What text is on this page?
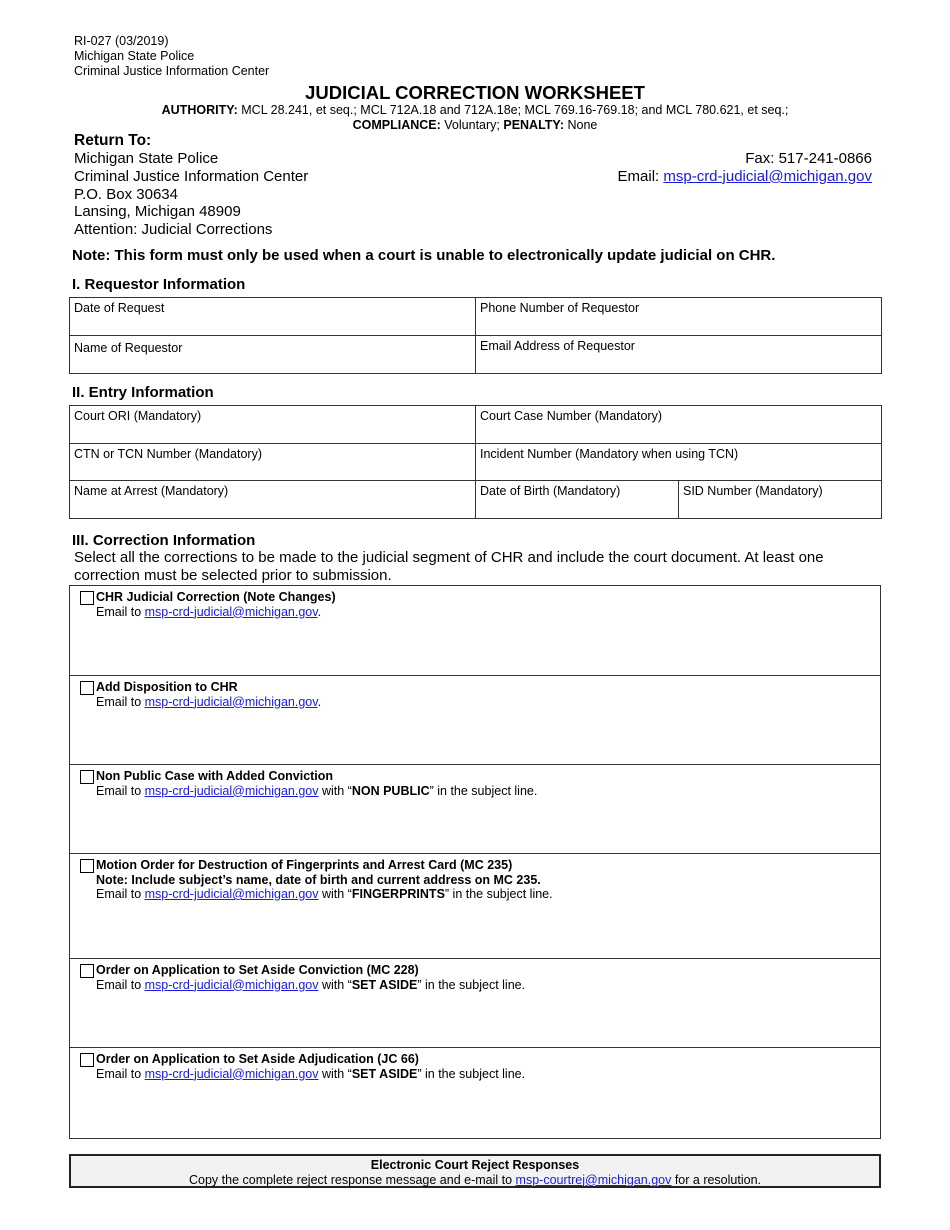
RI-027 (03/2019)
Michigan State Police
Criminal Justice Information Center
JUDICIAL CORRECTION WORKSHEET
AUTHORITY: MCL 28.241, et seq.; MCL 712A.18 and 712A.18e; MCL 769.16-769.18; and MCL 780.621, et seq.;
COMPLIANCE: Voluntary; PENALTY: None
Return To:
Michigan State Police
Criminal Justice Information Center
P.O. Box 30634
Lansing, Michigan 48909
Attention: Judicial Corrections
Fax: 517-241-0866
Email: msp-crd-judicial@michigan.gov
Note: This form must only be used when a court is unable to electronically update judicial on CHR.
I. Requestor Information
Date of Request	Phone Number of Requestor
Name of Requestor	Email Address of Requestor
II. Entry Information
Court ORI (Mandatory)	Court Case Number (Mandatory)	
CTN or TCN Number (Mandatory)	Incident Number (Mandatory when using TCN)	
Name at Arrest (Mandatory)	Date of Birth (Mandatory)	SID Number (Mandatory)
III. Correction Information
Select all the corrections to be made to the judicial segment of CHR and include the court document. At least one correction must be selected prior to submission.
CHR Judicial Correction (Note Changes)
Email to msp-crd-judicial@michigan.gov.
Add Disposition to CHR
Email to msp-crd-judicial@michigan.gov.
Non Public Case with Added Conviction
Email to msp-crd-judicial@michigan.gov with “NON PUBLIC” in the subject line.
Motion Order for Destruction of Fingerprints and Arrest Card (MC 235)
Note: Include subject’s name, date of birth and current address on MC 235.
Email to msp-crd-judicial@michigan.gov with “FINGERPRINTS” in the subject line.
Order on Application to Set Aside Conviction (MC 228)
Email to msp-crd-judicial@michigan.gov with “SET ASIDE” in the subject line.
Order on Application to Set Aside Adjudication (JC 66)
Email to msp-crd-judicial@michigan.gov with “SET ASIDE” in the subject line.
Electronic Court Reject Responses
Copy the complete reject response message and e-mail to msp-courtrej@michigan.gov for a resolution.
